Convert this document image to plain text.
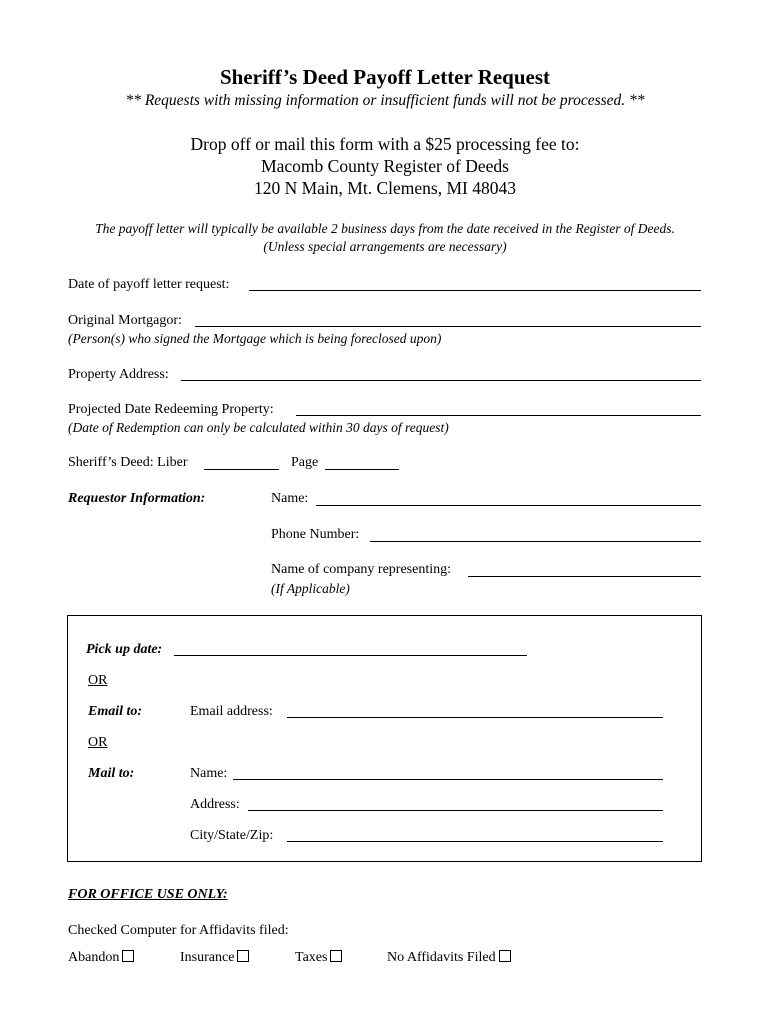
Sheriff’s Deed Payoff Letter Request
** Requests with missing information or insufficient funds will not be processed. **
Drop off or mail this form with a $25 processing fee to:
Macomb County Register of Deeds
120 N Main, Mt. Clemens, MI 48043
The payoff letter will typically be available 2 business days from the date received in the Register of Deeds.
(Unless special arrangements are necessary)
Date of payoff letter request:
Original Mortgagor:
(Person(s) who signed the Mortgage which is being foreclosed upon)
Property Address:
Projected Date Redeeming Property:
(Date of Redemption can only be calculated within 30 days of request)
Sheriff’s Deed: Liber	Page
Requestor Information:	Name:
Phone Number:
Name of company representing:
(If Applicable)
Pick up date:
OR
Email to:	Email address:
OR
Mail to:	Name:
Address:
City/State/Zip:
FOR OFFICE USE ONLY:
Checked Computer for Affidavits filed:
Abandon	Insurance	Taxes	No Affidavits Filed
